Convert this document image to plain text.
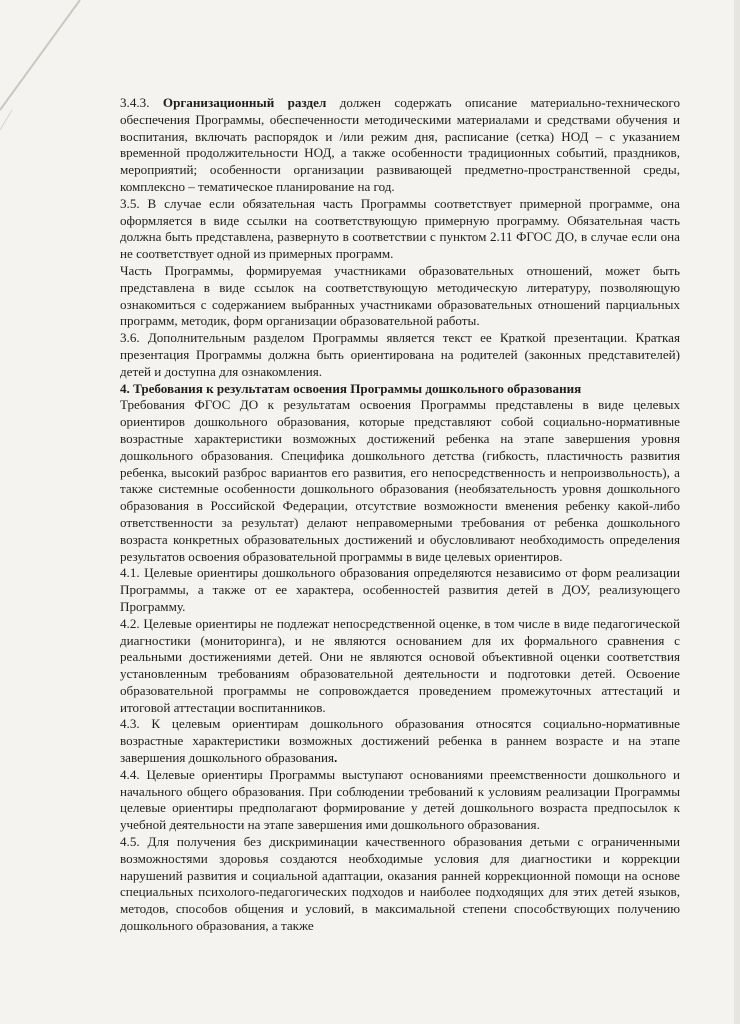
3.4.3. Организационный раздел должен содержать описание материально-технического обеспечения Программы, обеспеченности методическими материалами и средствами обучения и воспитания, включать распорядок и /или режим дня, расписание (сетка) НОД – с указанием временной продолжительности НОД, а также особенности традиционных событий, праздников, мероприятий; особенности организации развивающей предметно-пространственной среды, комплексно – тематическое планирование на год.

3.5. В случае если обязательная часть Программы соответствует примерной программе, она оформляется в виде ссылки на соответствующую примерную программу. Обязательная часть должна быть представлена, развернуто в соответствии с пунктом 2.11 ФГОС ДО, в случае если она не соответствует одной из примерных программ.

Часть Программы, формируемая участниками образовательных отношений, может быть представлена в виде ссылок на соответствующую методическую литературу, позволяющую ознакомиться с содержанием выбранных участниками образовательных отношений парциальных программ, методик, форм организации образовательной работы.

3.6. Дополнительным разделом Программы является текст ее Краткой презентации. Краткая презентация Программы должна быть ориентирована на родителей (законных представителей) детей и доступна для ознакомления.

4. Требования к результатам освоения Программы дошкольного образования

Требования ФГОС ДО к результатам освоения Программы представлены в виде целевых ориентиров дошкольного образования, которые представляют собой социально-нормативные возрастные характеристики возможных достижений ребенка на этапе завершения уровня дошкольного образования. Специфика дошкольного детства (гибкость, пластичность развития ребенка, высокий разброс вариантов его развития, его непосредственность и непроизвольность), а также системные особенности дошкольного образования (необязательность уровня дошкольного образования в Российской Федерации, отсутствие возможности вменения ребенку какой-либо ответственности за результат) делают неправомерными требования от ребенка дошкольного возраста конкретных образовательных достижений и обусловливают необходимость определения результатов освоения образовательной программы в виде целевых ориентиров.

4.1. Целевые ориентиры дошкольного образования определяются независимо от форм реализации Программы, а также от ее характера, особенностей развития детей в ДОУ, реализующего Программу.

4.2. Целевые ориентиры не подлежат непосредственной оценке, в том числе в виде педагогической диагностики (мониторинга), и не являются основанием для их формального сравнения с реальными достижениями детей. Они не являются основой объективной оценки соответствия установленным требованиям образовательной деятельности и подготовки детей. Освоение образовательной программы не сопровождается проведением промежуточных аттестаций и итоговой аттестации воспитанников.

4.3. К целевым ориентирам дошкольного образования относятся социально-нормативные возрастные характеристики возможных достижений ребенка в раннем возрасте и на этапе завершения дошкольного образования.

4.4. Целевые ориентиры Программы выступают основаниями преемственности дошкольного и начального общего образования. При соблюдении требований к условиям реализации Программы целевые ориентиры предполагают формирование у детей дошкольного возраста предпосылок к учебной деятельности на этапе завершения ими дошкольного образования.

4.5. Для получения без дискриминации качественного образования детьми с ограниченными возможностями здоровья создаются необходимые условия для диагностики и коррекции нарушений развития и социальной адаптации, оказания ранней коррекционной помощи на основе специальных психолого-педагогических подходов и наиболее подходящих для этих детей языков, методов, способов общения и условий, в максимальной степени способствующих получению дошкольного образования, а также
